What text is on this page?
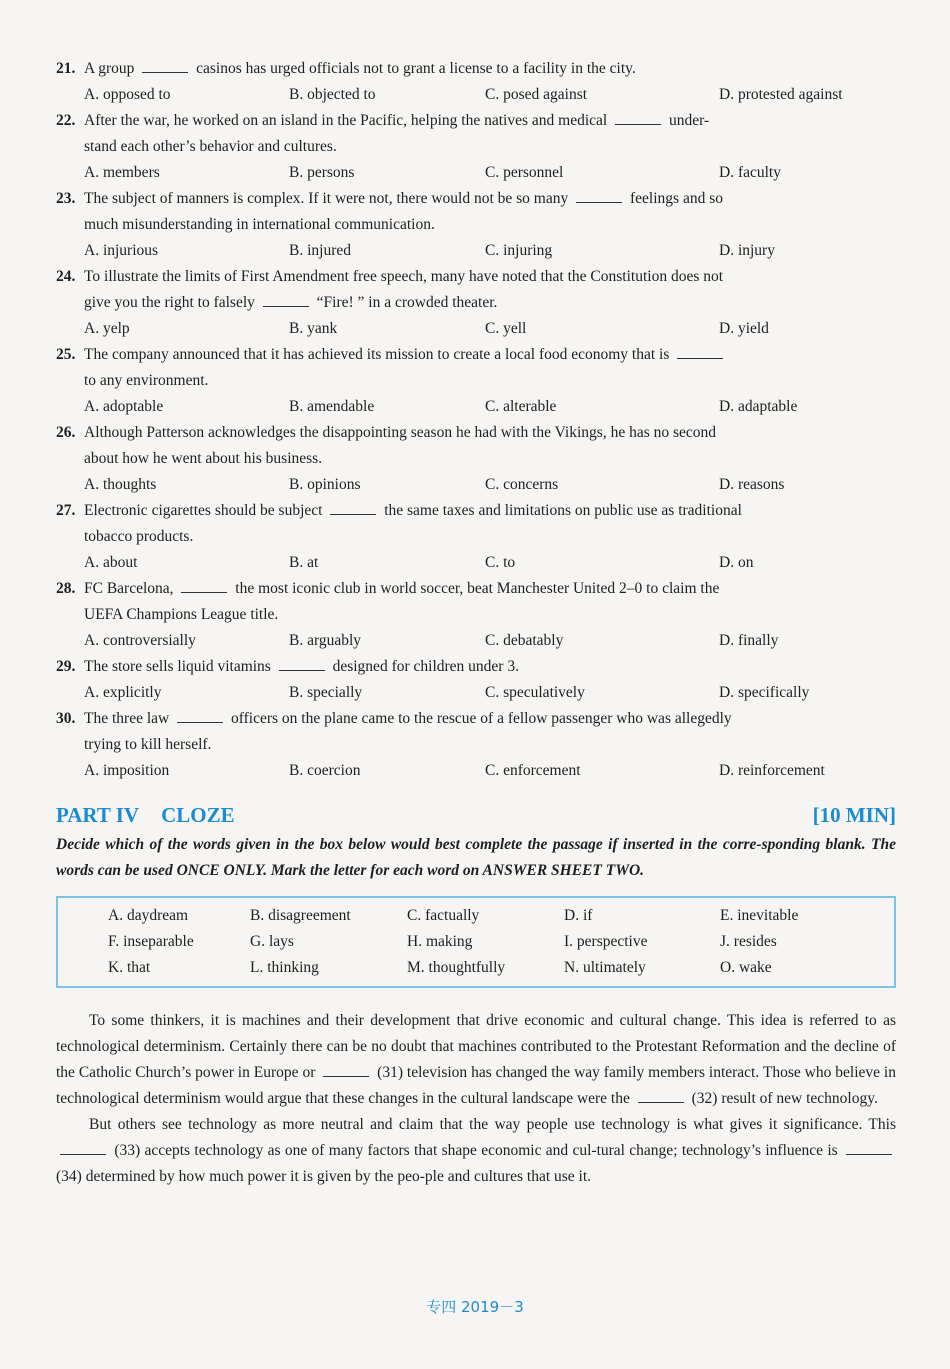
21. A group	casinos has urged officials not to grant a license to a facility in the city.
A. opposed to	B. objected to	C. posed against	D. protested against
22. After the war, he worked on an island in the Pacific, helping the natives and medical	under-
stand each other’s behavior and cultures.
A. members	B. persons	C. personnel	D. faculty
23. The subject of manners is complex. If it were not, there would not be so many	feelings and so
much misunderstanding in international communication.
A. injurious	B. injured	C. injuring	D. injury
24. To illustrate the limits of First Amendment free speech, many have noted that the Constitution does not
give you the right to falsely	“Fire! ” in a crowded theater.
A. yelp	B. yank	C. yell	D. yield
25. The company announced that it has achieved its mission to create a local food economy that is
to any environment.
A. adoptable	B. amendable	C. alterable	D. adaptable
26. Although Patterson acknowledges the disappointing season he had with the Vikings, he has no second
about how he went about his business.
A. thoughts	B. opinions	C. concerns	D. reasons
27. Electronic cigarettes should be subject	the same taxes and limitations on public use as traditional
tobacco products.
A. about	B. at	C. to	D. on
28. FC Barcelona,	the most iconic club in world soccer, beat Manchester United 2–0 to claim the
UEFA Champions League title.
A. controversially	B. arguably	C. debatably	D. finally
29. The store sells liquid vitamins	designed for children under 3.
A. explicitly	B. specially	C. speculatively	D. specifically
30. The three law	officers on the plane came to the rescue of a fellow passenger who was allegedly
trying to kill herself.
A. imposition	B. coercion	C. enforcement	D. reinforcement
PART IV CLOZE	[10 MIN]
Decide which of the words given in the box below would best complete the passage if inserted in the corre-sponding blank. The words can be used ONCE ONLY. Mark the letter for each word on ANSWER SHEET TWO.
A. daydream	B. disagreement	C. factually	D. if	E. inevitable
F. inseparable	G. lays	H. making	I. perspective	J. resides
K. that	L. thinking	M. thoughtfully	N. ultimately	O. wake

To some thinkers, it is machines and their development that drive economic and cultural change. This idea is referred to as technological determinism. Certainly there can be no doubt that machines contributed to the Protestant Reformation and the decline of the Catholic Church’s power in Europe or	(31) television has changed the way family members interact. Those who believe in technological determinism would argue that these changes in the cultural landscape were the	(32) result of new technology.

But others see technology as more neutral and claim that the way people use technology is what gives it significance. This  (33) accepts technology as one of many factors that shape economic and cul-tural change; technology’s influence is  (34) determined by how much power it is given by the peo-ple and cultures that use it.

专四 2019－3
